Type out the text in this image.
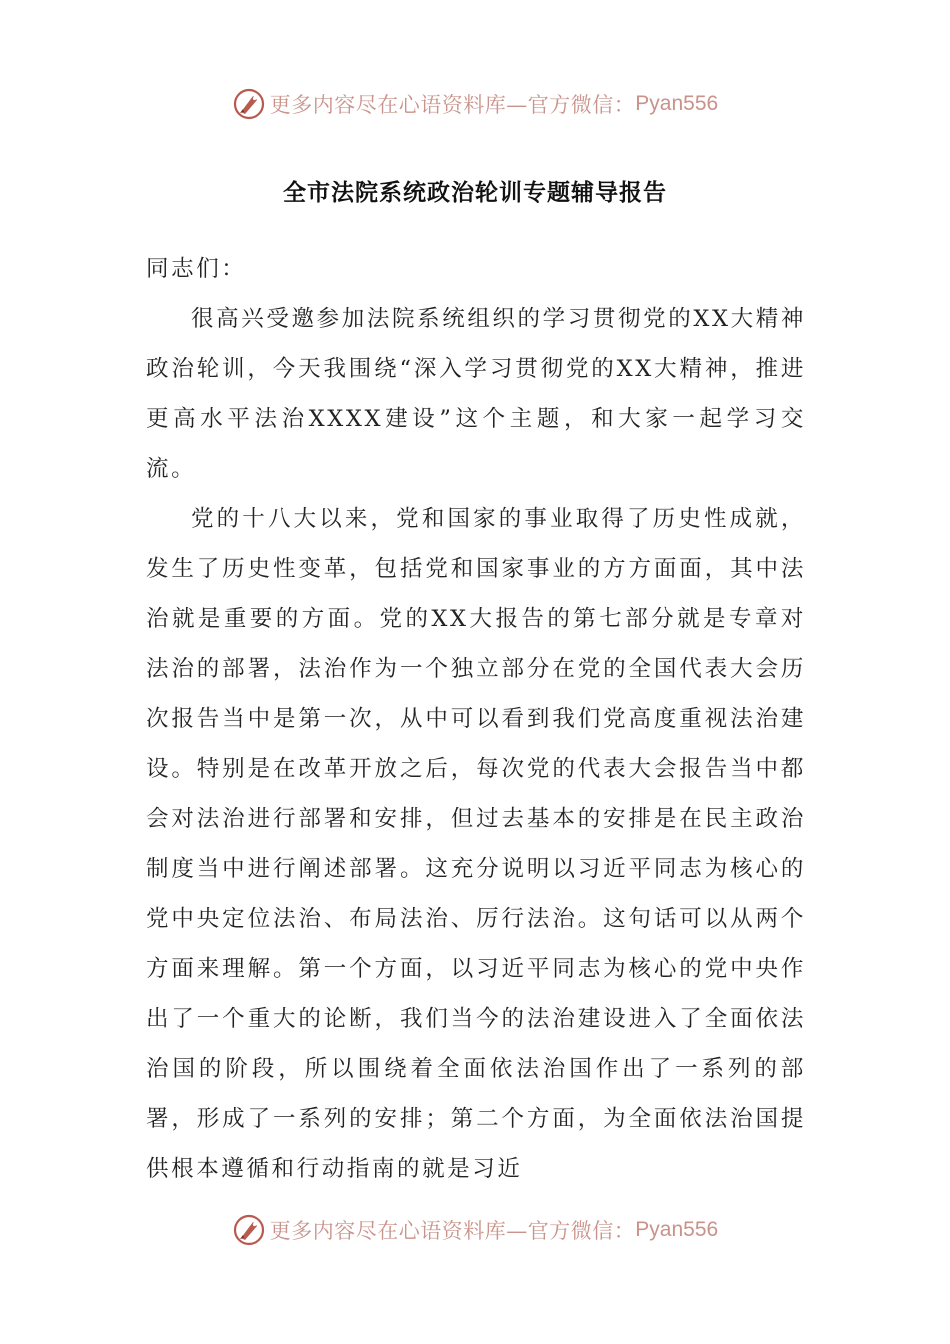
更多内容尽在心语资料库—官方微信： Pyan556
全市法院系统政治轮训专题辅导报告

同志们：

很高兴受邀参加法院系统组织的学习贯彻党的XX大精神政治轮训，今天我围绕“深入学习贯彻党的XX大精神，推进更高水平法治XXXX建设”这个主题，和大家一起学习交流。

党的十八大以来，党和国家的事业取得了历史性成就，发生了历史性变革，包括党和国家事业的方方面面，其中法治就是重要的方面。党的XX大报告的第七部分就是专章对法治的部署，法治作为一个独立部分在党的全国代表大会历次报告当中是第一次，从中可以看到我们党高度重视法治建设。特别是在改革开放之后，每次党的代表大会报告当中都会对法治进行部署和安排，但过去基本的安排是在民主政治制度当中进行阐述部署。这充分说明以习近平同志为核心的党中央定位法治、布局法治、厉行法治。这句话可以从两个方面来理解。第一个方面，以习近平同志为核心的党中央作出了一个重大的论断，我们当今的法治建设进入了全面依法治国的阶段，所以围绕着全面依法治国作出了一系列的部署，形成了一系列的安排；第二个方面，为全面依法治国提供根本遵循和行动指南的就是习近

更多内容尽在心语资料库—官方微信： Pyan556
